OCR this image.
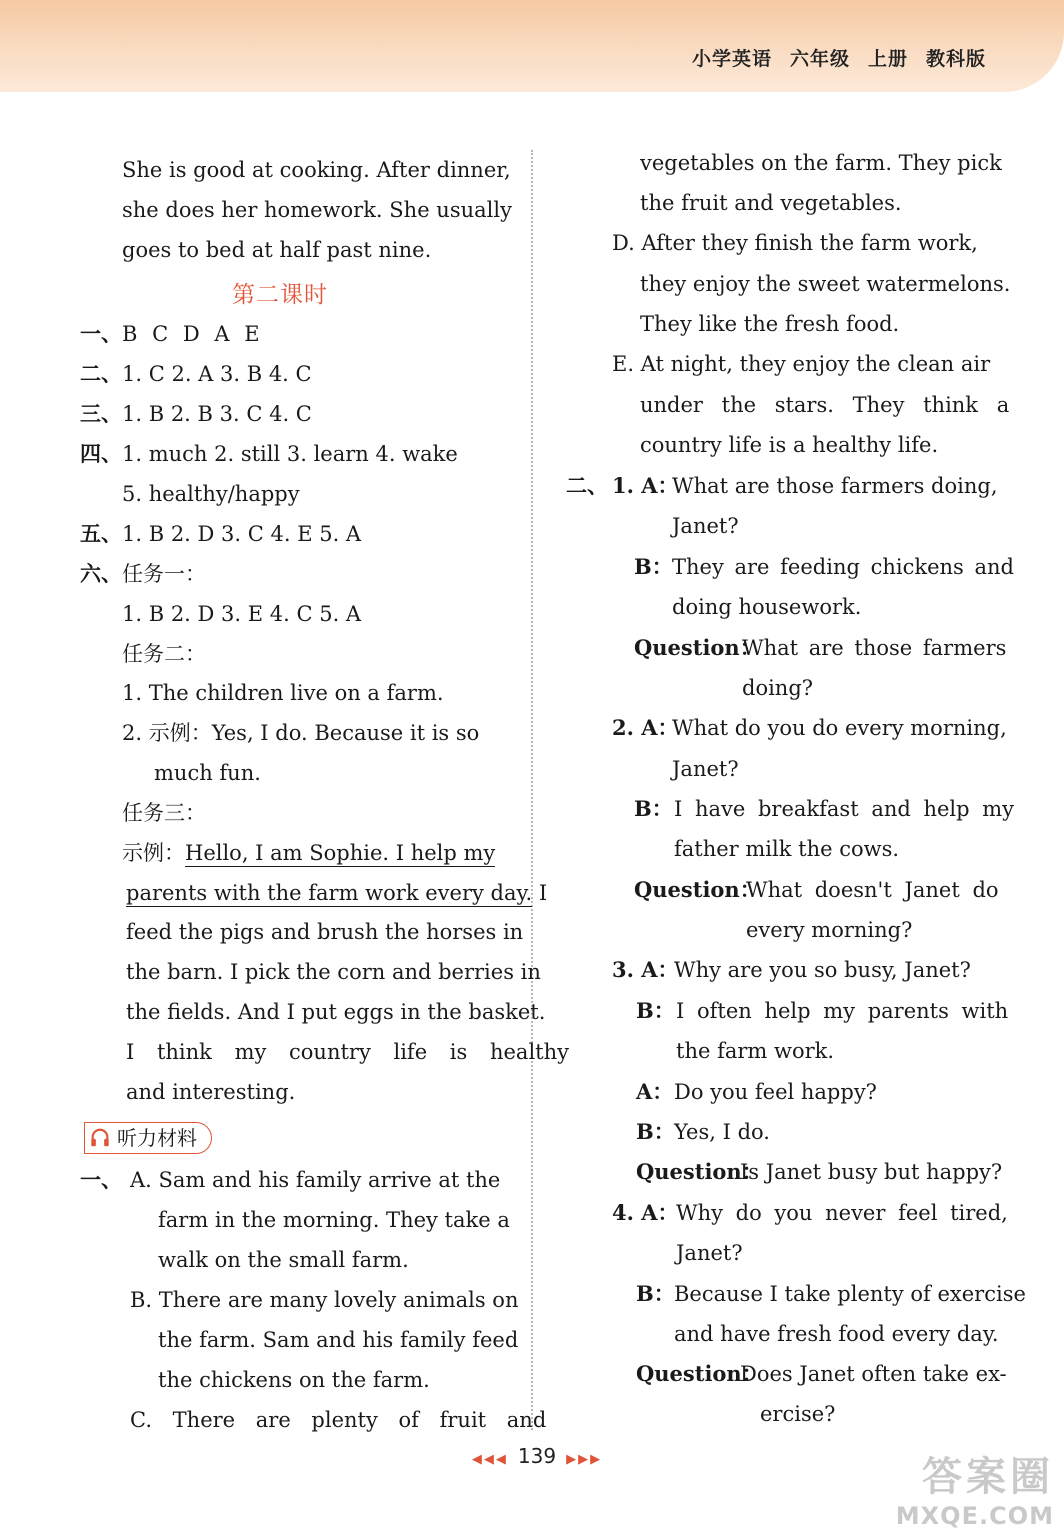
小学英语 六年级 上册 教科版
She is good at cooking. After dinner,
she does her homework. She usually
goes to bed at half past nine.
第二课时
一、 B C D A E
二、 1. C 2. A 3. B 4. C
三、 1. B 2. B 3. C 4. C
四、 1. much 2. still 3. learn 4. wake
5. healthy/happy
五、 1. B 2. D 3. C 4. E 5. A
六、 任务一：
1. B 2. D 3. E 4. C 5. A
任务二：
1. The children live on a farm.
2. 示例：Yes, I do. Because it is so
much fun.
任务三：
示例：Hello, I am Sophie. I help my
parents with the farm work every day. I
feed the pigs and brush the horses in
the barn. I pick the corn and berries in
the fields. And I put eggs in the basket.
I think my country life is healthy
and interesting.
听力材料
一、 A. Sam and his family arrive at the
farm in the morning. They take a
walk on the small farm.
B. There are many lovely animals on
the farm. Sam and his family feed
the chickens on the farm.
C. There are plenty of fruit and
vegetables on the farm. They pick
the fruit and vegetables.
D. After they finish the farm work,
they enjoy the sweet watermelons.
They like the fresh food.
E. At night, they enjoy the clean air
under the stars. They think a
country life is a healthy life.
二、 1. A：
What are those farmers doing,
Janet?
B： They are feeding chickens and
doing housework.
Question：
What are those farmers
doing?
2. A：
What do you do every morning,
Janet?
B： I have breakfast and help my
father milk the cows.
Question：
What doesn't Janet do
every morning?
3. A：
Why are you so busy, Janet?
B： I often help my parents with
the farm work.
A： Do you feel happy?
B： Yes, I do.
Question：
Is Janet busy but happy?
4. A：
Why do you never feel tired,
Janet?
B： Because I take plenty of exercise
and have fresh food every day.
Question：
Does Janet often take ex-
ercise?
◀◀◀ 139 ▶▶▶	答案圈
MXQE.COM
